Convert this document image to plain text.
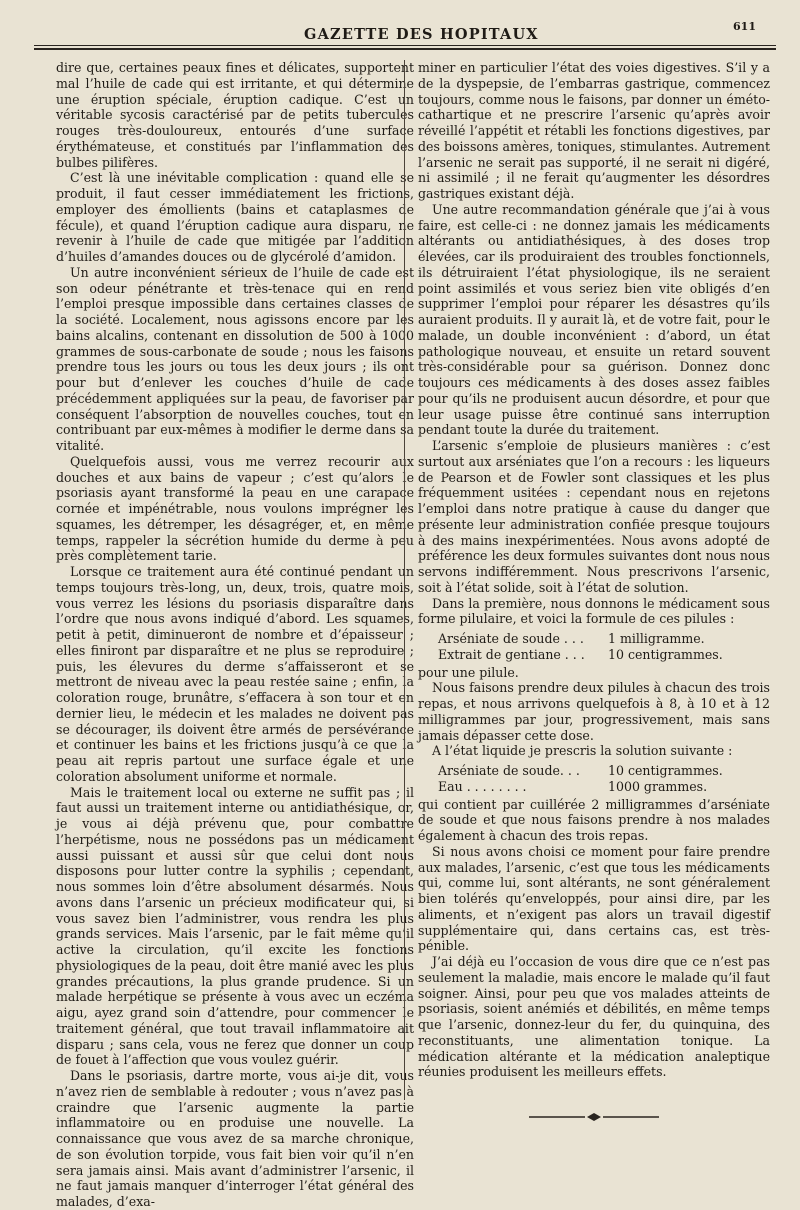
GAZETTE DES HOPITAUX	611

dire que, certaines peaux fines et délicates, supportent mal l’huile de cade qui est irritante, et qui détermine une éruption spéciale, éruption cadique. C’est un véritable sycosis caractérisé par de petits tubercules rouges très-douloureux, entourés d’une surface érythémateuse, et constitués par l’inflammation des bulbes pilifères.

C’est là une inévitable complication : quand elle se produit, il faut cesser immédiatement les frictions, employer des émollients (bains et cataplasmes de fécule), et quand l’éruption cadique aura disparu, ne revenir à l’huile de cade que mitigée par l’addition d’huiles d’amandes douces ou de glycérolé d’amidon.

Un autre inconvénient sérieux de l’huile de cade est son odeur pénétrante et très-tenace qui en rend l’emploi presque impossible dans certaines classes de la société. Localement, nous agissons encore par les bains alcalins, contenant en dissolution de 500 à 1000 grammes de sous-carbonate de soude ; nous les faisons prendre tous les jours ou tous les deux jours ; ils ont pour but d’enlever les couches d’huile de cade précédemment appliquées sur la peau, de favoriser par conséquent l’absorption de nouvelles couches, tout en contribuant par eux-mêmes à modifier le derme dans sa vitalité.

Quelquefois aussi, vous me verrez recourir aux douches et aux bains de vapeur ; c’est qu’alors le psoriasis ayant transformé la peau en une carapace cornée et impénétrable, nous voulons imprégner les squames, les détremper, les désagréger, et, en même temps, rappeler la sécrétion humide du derme à peu près complètement tarie.

Lorsque ce traitement aura été continué pendant un temps toujours très-long, un, deux, trois, quatre mois, vous verrez les lésions du psoriasis disparaître dans l’ordre que nous avons indiqué d’abord. Les squames, petit à petit, diminueront de nombre et d’épaisseur ; elles finiront par disparaître et ne plus se reproduire ; puis, les élevures du derme s’affaisseront et se mettront de niveau avec la peau restée saine ; enfin, la coloration rouge, brunâtre, s’effacera à son tour et en dernier lieu, le médecin et les malades ne doivent pas se décourager, ils doivent être armés de persévérance et continuer les bains et les frictions jusqu’à ce que la peau ait repris partout une surface égale et une coloration absolument uniforme et normale.

Mais le traitement local ou externe ne suffit pas ; il faut aussi un traitement interne ou antidiathésique, or, je vous ai déjà prévenu que, pour combattre l’herpétisme, nous ne possédons pas un médicament aussi puissant et aussi sûr que celui dont nous disposons pour lutter contre la syphilis ; cependant, nous sommes loin d’être absolument désarmés. Nous avons dans l’arsenic un précieux modificateur qui, si vous savez bien l’administrer, vous rendra les plus grands services. Mais l’arsenic, par le fait même qu’il active la circulation, qu’il excite les fonctions physiologiques de la peau, doit être manié avec les plus grandes précautions, la plus grande prudence. Si un malade herpétique se présente à vous avec un eczéma aigu, ayez grand soin d’attendre, pour commencer le traitement général, que tout travail inflammatoire ait disparu ; sans cela, vous ne ferez que donner un coup de fouet à l’affection que vous voulez guérir.

Dans le psoriasis, dartre morte, vous ai-je dit, vous n’avez rien de semblable à redouter ; vous n’avez pas à craindre que l’arsenic augmente la partie inflammatoire ou en produise une nouvelle. La connaissance que vous avez de sa marche chronique, de son évolution torpide, vous fait bien voir qu’il n’en sera jamais ainsi. Mais avant d’administrer l’arsenic, il ne faut jamais manquer d’interroger l’état général des malades, d’exa-

miner en particulier l’état des voies digestives. S’il y a de la dyspepsie, de l’embarras gastrique, commencez toujours, comme nous le faisons, par donner un éméto-cathartique et ne prescrire l’arsenic qu’après avoir réveillé l’appétit et rétabli les fonctions digestives, par des boissons amères, toniques, stimulantes. Autrement l’arsenic ne serait pas supporté, il ne serait ni digéré, ni assimilé ; il ne ferait qu’augmenter les désordres gastriques existant déjà.

Une autre recommandation générale que j’ai à vous faire, est celle-ci : ne donnez jamais les médicaments altérants ou antidiathésiques, à des doses trop élevées, car ils produiraient des troubles fonctionnels, ils détruiraient l’état physiologique, ils ne seraient point assimilés et vous seriez bien vite obligés d’en supprimer l’emploi pour réparer les désastres qu’ils auraient produits. Il y aurait là, et de votre fait, pour le malade, un double inconvénient : d’abord, un état pathologique nouveau, et ensuite un retard souvent très-considérable pour sa guérison. Donnez donc toujours ces médicaments à des doses assez faibles pour qu’ils ne produisent aucun désordre, et pour que leur usage puisse être continué sans interruption pendant toute la durée du traitement.

L’arsenic s’emploie de plusieurs manières : c’est surtout aux arséniates que l’on a recours : les liqueurs de Pearson et de Fowler sont classiques et les plus fréquemment usitées : cependant nous en rejetons l’emploi dans notre pratique à cause du danger que présente leur administration confiée presque toujours à des mains inexpérimentées. Nous avons adopté de préférence les deux formules suivantes dont nous nous servons indifféremment. Nous prescrivons l’arsenic, soit à l’état solide, soit à l’état de solution.

Dans la première, nous donnons le médicament sous forme pilulaire, et voici la formule de ces pilules :

Arséniate de soude . . .	1 milligramme.
Extrait de gentiane . . .	10 centigrammes.

pour une pilule.

Nous faisons prendre deux pilules à chacun des trois repas, et nous arrivons quelquefois à 8, à 10 et à 12 milligrammes par jour, progressivement, mais sans jamais dépasser cette dose.

A l’état liquide je prescris la solution suivante :

Arséniate de soude. . .	10 centigrammes.
Eau . . . . . . . .	1000 grammes.

qui contient par cuillérée 2 milligrammes d’arséniate de soude et que nous faisons prendre à nos malades également à chacun des trois repas.

Si nous avons choisi ce moment pour faire prendre aux malades, l’arsenic, c’est que tous les médicaments qui, comme lui, sont altérants, ne sont généralement bien tolérés qu’enveloppés, pour ainsi dire, par les aliments, et n’exigent pas alors un travail digestif supplémentaire qui, dans certains cas, est très-pénible.

J’ai déjà eu l’occasion de vous dire que ce n’est pas seulement la maladie, mais encore le malade qu’il faut soigner. Ainsi, pour peu que vos malades atteints de psoriasis, soient anémiés et débilités, en même temps que l’arsenic, donnez-leur du fer, du quinquina, des reconstituants, une alimentation tonique. La médication altérante et la médication analeptique réunies produisent les meilleurs effets.
